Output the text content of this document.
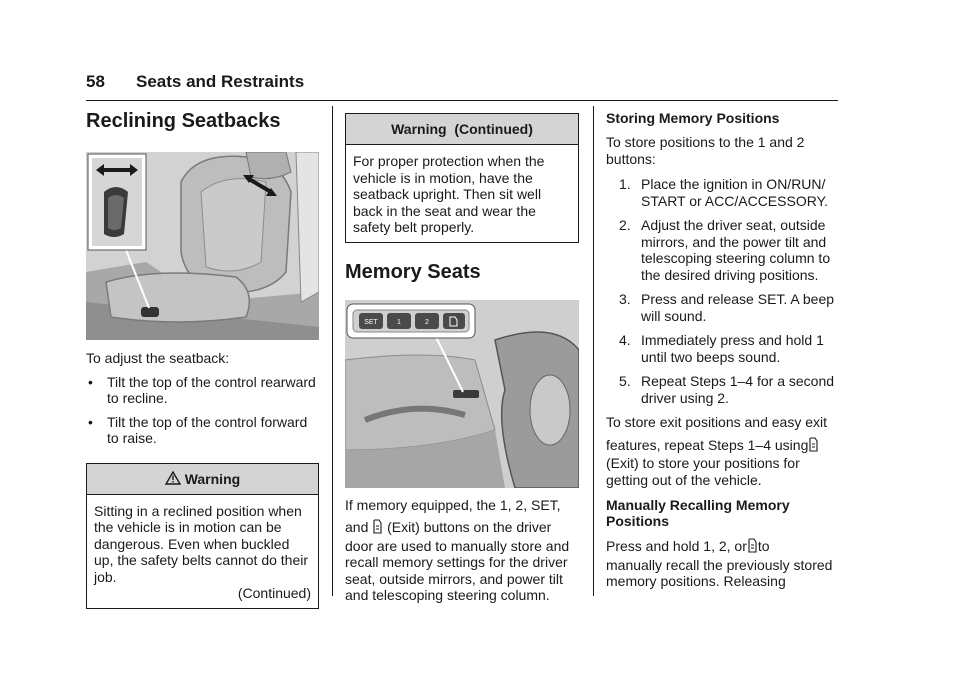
58 Seats and Restraints
Reclining Seatbacks

To adjust the seatback:

• Tilt the top of the control rearward to recline.
• Tilt the top of the control forward to raise.
Warning
Sitting in a reclined position when the vehicle is in motion can be dangerous. Even when buckled up, the safety belts cannot do their job.
(Continued)
Warning  (Continued)
For proper protection when the vehicle is in motion, have the seatback upright. Then sit well back in the seat and wear the safety belt properly.
Memory Seats
SET	1	2

If memory equipped, the 1, 2, SET,

and (Exit) buttons on the driver

door are used to manually store and recall memory settings for the driver seat, outside mirrors, and power tilt and telescoping steering column.

Storing Memory Positions

To store positions to the 1 and 2 buttons:

1. Place the ignition in ON/RUN/ START or ACC/ACCESSORY.
2. Adjust the driver seat, outside mirrors, and the power tilt and telescoping steering column to the desired driving positions.
3. Press and release SET. A beep will sound.
4. Immediately press and hold 1 until two beeps sound.
5. Repeat Steps 1–4 for a second driver using 2.

To store exit positions and easy exit

features, repeat Steps 1–4 using

(Exit) to store your positions for getting out of the vehicle.

Manually Recalling Memory Positions

Press and hold 1, 2, or to

manually recall the previously stored memory positions. Releasing
